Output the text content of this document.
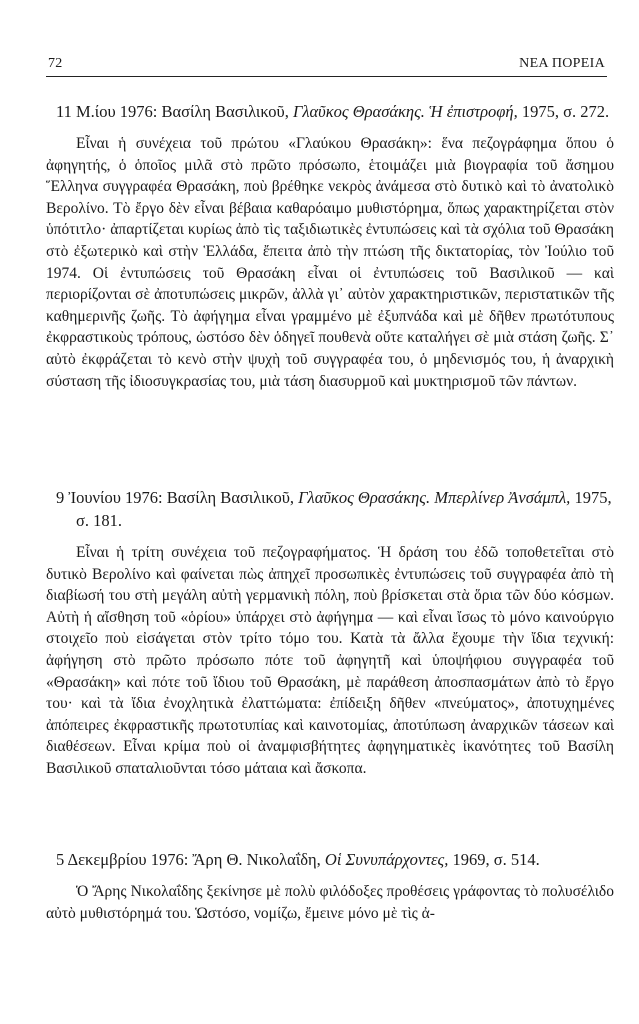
72	ΝΕΑ ΠΟΡΕΙΑ
11 Μ.ίου 1976: Βασίλη Βασιλικοῦ, Γλαῦκος Θρασάκης. Ἡ ἐπιστροφή, 1975, σ. 272.
Εἶναι ἡ συνέχεια τοῦ πρώτου «Γλαύκου Θρασάκη»: ἕνα πεζογράφημα ὅπου ὁ ἀφηγητής, ὁ ὁποῖος μιλᾶ στὸ πρῶτο πρόσωπο, ἑτοιμάζει μιὰ βιογραφία τοῦ ἄσημου Ἕλληνα συγγραφέα Θρασάκη, ποὺ βρέθηκε νεκρὸς ἀνάμεσα στὸ δυτικὸ καὶ τὸ ἀνατολικὸ Βερολίνο. Τὸ ἔργο δὲν εἶναι βέβαια καθαρόαιμο μυθιστόρημα, ὅπως χαρακτηρίζεται στὸν ὑπότιτλο· ἀπαρτίζεται κυρίως ἀπὸ τὶς ταξιδιωτικὲς ἐντυπώσεις καὶ τὰ σχόλια τοῦ Θρασάκη στὸ ἐξωτερικὸ καὶ στὴν Ἑλλάδα, ἔπειτα ἀπὸ τὴν πτώση τῆς δικτατορίας, τὸν Ἰούλιο τοῦ 1974. Οἱ ἐντυπώσεις τοῦ Θρασάκη εἶναι οἱ ἐντυπώσεις τοῦ Βασιλικοῦ — καὶ περιορίζονται σὲ ἀποτυπώσεις μικρῶν, ἀλλὰ γι᾿ αὐτὸν χαρακτηριστικῶν, περιστατικῶν τῆς καθημερινῆς ζωῆς. Τὸ ἀφήγημα εἶναι γραμμένο μὲ ἐξυπνάδα καὶ μὲ δῆθεν πρωτότυπους ἐκφραστικοὺς τρόπους, ὡστόσο δὲν ὁδηγεῖ πουθενὰ οὔτε καταλήγει σὲ μιὰ στάση ζωῆς. Σ᾿ αὐτὸ ἐκφράζεται τὸ κενὸ στὴν ψυχὴ τοῦ συγγραφέα του, ὁ μηδενισμός του, ἡ ἀναρχικὴ σύσταση τῆς ἰδιοσυγκρασίας του, μιὰ τάση διασυρμοῦ καὶ μυκτηρισμοῦ τῶν πάντων.
9 Ἰουνίου 1976: Βασίλη Βασιλικοῦ, Γλαῦκος Θρασάκης. Μπερλίνερ Ἀνσάμπλ, 1975, σ. 181.
Εἶναι ἡ τρίτη συνέχεια τοῦ πεζογραφήματος. Ἡ δράση του ἐδῶ τοποθετεῖται στὸ δυτικὸ Βερολίνο καὶ φαίνεται πὼς ἀπηχεῖ προσωπικὲς ἐντυπώσεις τοῦ συγγραφέα ἀπὸ τὴ διαβίωσή του στὴ μεγάλη αὐτὴ γερμανικὴ πόλη, ποὺ βρίσκεται στὰ ὅρια τῶν δύο κόσμων. Αὐτὴ ἡ αἴσθηση τοῦ «ὁρίου» ὑπάρχει στὸ ἀφήγημα — καὶ εἶναι ἴσως τὸ μόνο καινούργιο στοιχεῖο ποὺ εἰσάγεται στὸν τρίτο τόμο του. Κατὰ τὰ ἄλλα ἔχουμε τὴν ἴδια τεχνική: ἀφήγηση στὸ πρῶτο πρόσωπο πότε τοῦ ἀφηγητῆ καὶ ὑποψήφιου συγγραφέα τοῦ «Θρασάκη» καὶ πότε τοῦ ἴδιου τοῦ Θρασάκη, μὲ παράθεση ἀποσπασμάτων ἀπὸ τὸ ἔργο του· καὶ τὰ ἴδια ἐνοχλητικὰ ἐλαττώματα: ἐπίδειξη δῆθεν «πνεύματος», ἀποτυχημένες ἀπόπειρες ἐκφραστικῆς πρωτοτυπίας καὶ καινοτομίας, ἀποτύπωση ἀναρχικῶν τάσεων καὶ διαθέσεων. Εἶναι κρίμα ποὺ οἱ ἀναμφισβήτητες ἀφηγηματικὲς ἱκανότητες τοῦ Βασίλη Βασιλικοῦ σπαταλιοῦνται τόσο μάταια καὶ ἄσκοπα.
5 Δεκεμβρίου 1976: Ἄρη Θ. Νικολαΐδη, Οἱ Συνυπάρχοντες, 1969, σ. 514.
Ὁ Ἄρης Νικολαΐδης ξεκίνησε μὲ πολὺ φιλόδοξες προθέσεις γράφοντας τὸ πολυσέλιδο αὐτὸ μυθιστόρημά του. Ὡστόσο, νομίζω, ἔμεινε μόνο μὲ τὶς ἀ-
